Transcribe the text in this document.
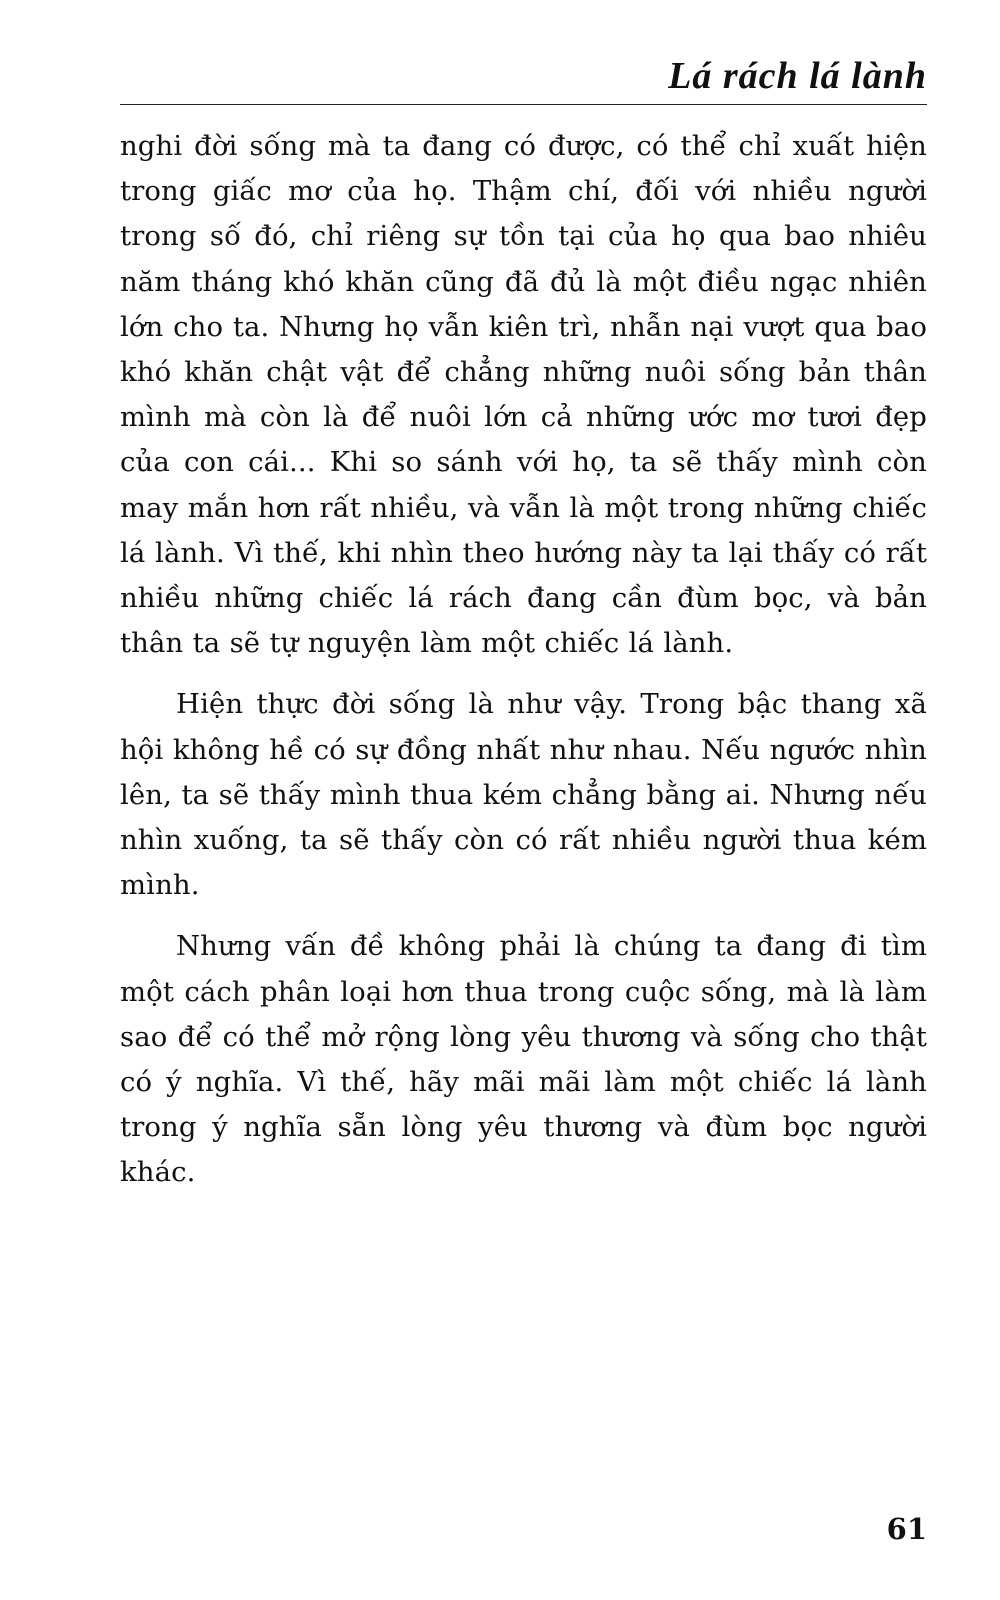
Lá rách lá lành

nghi đời sống mà ta đang có được, có thể chỉ xuất hiện trong giấc mơ của họ. Thậm chí, đối với nhiều người trong số đó, chỉ riêng sự tồn tại của họ qua bao nhiêu năm tháng khó khăn cũng đã đủ là một điều ngạc nhiên lớn cho ta. Nhưng họ vẫn kiên trì, nhẫn nại vượt qua bao khó khăn chật vật để chẳng những nuôi sống bản thân mình mà còn là để nuôi lớn cả những ước mơ tươi đẹp của con cái... Khi so sánh với họ, ta sẽ thấy mình còn may mắn hơn rất nhiều, và vẫn là một trong những chiếc lá lành. Vì thế, khi nhìn theo hướng này ta lại thấy có rất nhiều những chiếc lá rách đang cần đùm bọc, và bản thân ta sẽ tự nguyện làm một chiếc lá lành.

Hiện thực đời sống là như vậy. Trong bậc thang xã hội không hề có sự đồng nhất như nhau. Nếu ngước nhìn lên, ta sẽ thấy mình thua kém chẳng bằng ai. Nhưng nếu nhìn xuống, ta sẽ thấy còn có rất nhiều người thua kém mình.

Nhưng vấn đề không phải là chúng ta đang đi tìm một cách phân loại hơn thua trong cuộc sống, mà là làm sao để có thể mở rộng lòng yêu thương và sống cho thật có ý nghĩa. Vì thế, hãy mãi mãi làm một chiếc lá lành trong ý nghĩa sẵn lòng yêu thương và đùm bọc người khác.

61
